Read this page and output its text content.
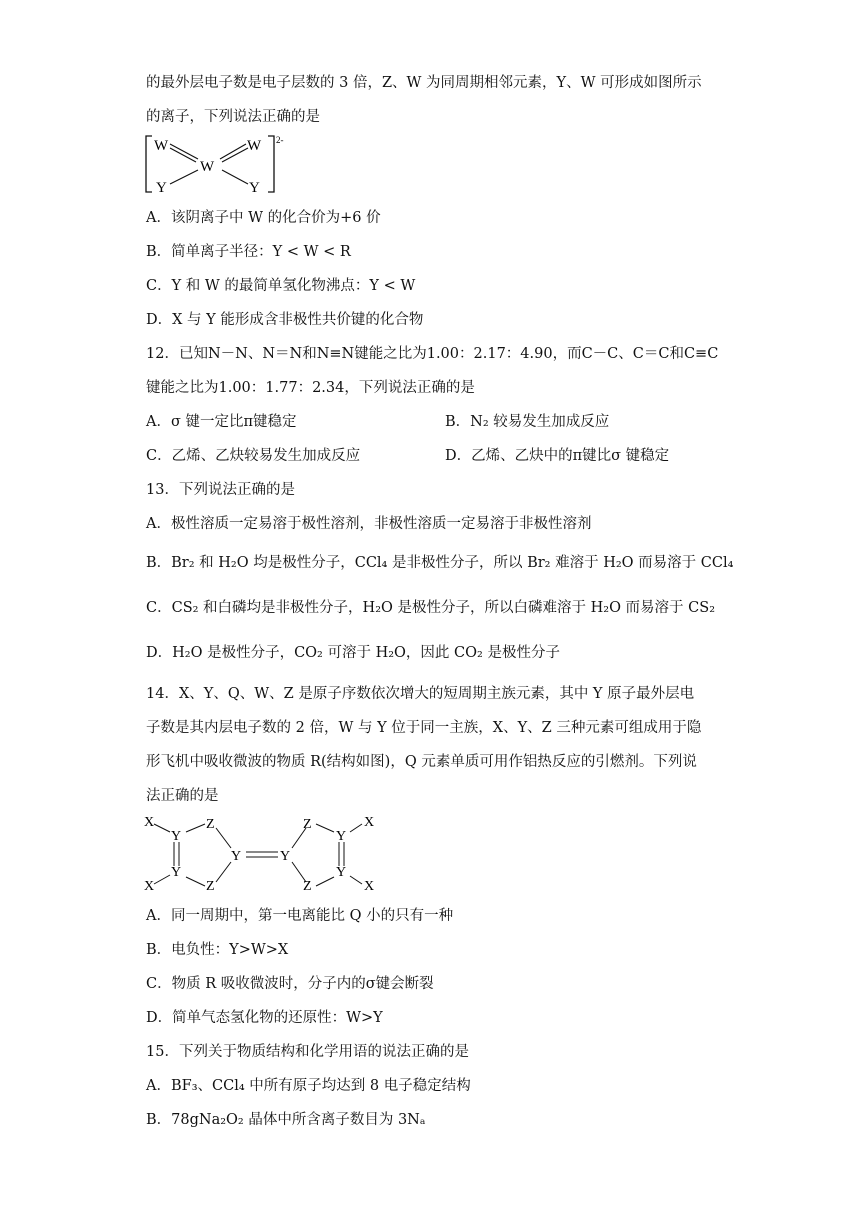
的最外层电子数是电子层数的 3 倍，Z、W 为同周期相邻元素，Y、W 可形成如图所示
的离子，下列说法正确的是
W
W
W
Y	Y
2-
A．该阴离子中 W 的化合价为+6 价
B．简单离子半径：Y < W < R
C．Y 和 W 的最简单氢化物沸点：Y < W
D．X 与 Y 能形成含非极性共价键的化合物
12．已知N－N、N＝N和N≡N键能之比为1.00：2.17：4.90，而C－C、C＝C和C≡C
键能之比为1.00：1.77：2.34，下列说法正确的是
A．σ 键一定比π键稳定	B．N₂ 较易发生加成反应
C．乙烯、乙炔较易发生加成反应	D．乙烯、乙炔中的π键比σ 键稳定
13．下列说法正确的是
A．极性溶质一定易溶于极性溶剂，非极性溶质一定易溶于非极性溶剂
B．Br₂ 和 H₂O 均是极性分子，CCl₄ 是非极性分子，所以 Br₂ 难溶于 H₂O 而易溶于 CCl₄
C．CS₂ 和白磷均是非极性分子，H₂O 是极性分子，所以白磷难溶于 H₂O 而易溶于 CS₂
D．H₂O 是极性分子，CO₂ 可溶于 H₂O，因此 CO₂ 是极性分子
14．X、Y、Q、W、Z 是原子序数依次增大的短周期主族元素，其中 Y 原子最外层电
子数是其内层电子数的 2 倍，W 与 Y 位于同一主族，X、Y、Z 三种元素可组成用于隐
形飞机中吸收微波的物质 R(结构如图)，Q 元素单质可用作铝热反应的引燃剂。下列说
法正确的是
X
Y
Z
Y
Z
X
Y
Y
Z
Y
Z
X
Y
X
A．同一周期中，第一电离能比 Q 小的只有一种
B．电负性：Y>W>X
C．物质 R 吸收微波时，分子内的σ键会断裂
D．简单气态氢化物的还原性：W>Y
15．下列关于物质结构和化学用语的说法正确的是
A．BF₃、CCl₄ 中所有原子均达到 8 电子稳定结构
B．78gNa₂O₂ 晶体中所含离子数目为 3Nₐ
